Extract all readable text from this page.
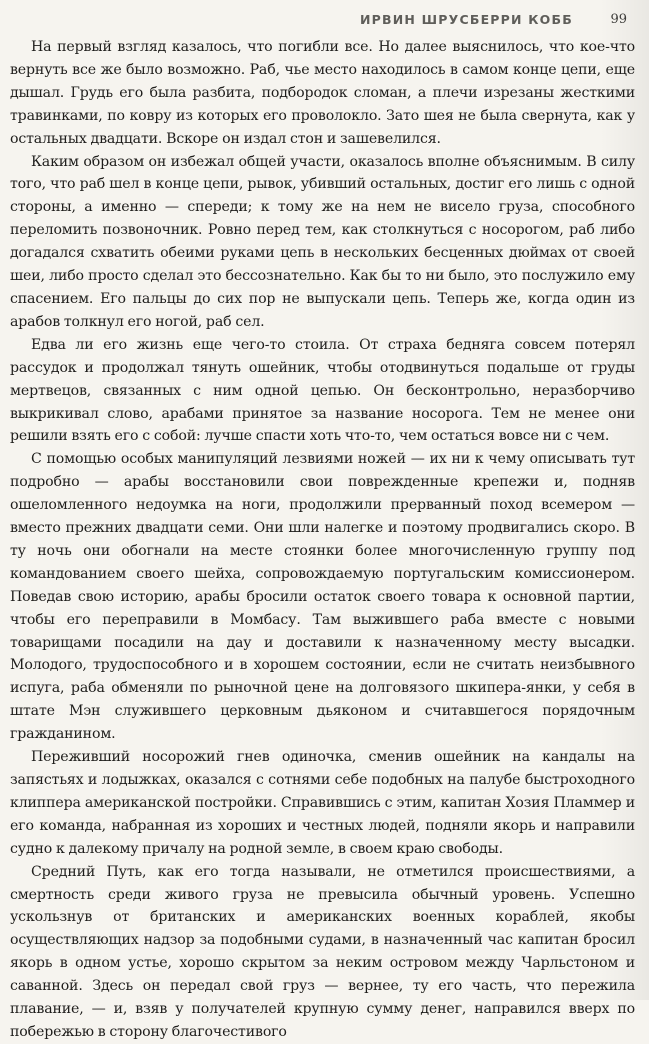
ИРВИН ШРУСБЕРРИ КОББ	99

На первый взгляд казалось, что погибли все. Но далее выяснилось, что кое-что вернуть все же было возможно. Раб, чье место находилось в самом конце цепи, еще дышал. Грудь его была разбита, подбородок сломан, а плечи изрезаны жесткими травинками, по ковру из которых его проволокло. Зато шея не была свернута, как у остальных двадцати. Вскоре он издал стон и зашевелился.

Каким образом он избежал общей участи, оказалось вполне объяснимым. В силу того, что раб шел в конце цепи, рывок, убивший остальных, достиг его лишь с одной стороны, а именно — спереди; к тому же на нем не висело груза, способного переломить позвоночник. Ровно перед тем, как столкнуться с носорогом, раб либо догадался схватить обеими руками цепь в нескольких бесценных дюймах от своей шеи, либо просто сделал это бессознательно. Как бы то ни было, это послужило ему спасением. Его пальцы до сих пор не выпускали цепь. Теперь же, когда один из арабов толкнул его ногой, раб сел.

Едва ли его жизнь еще чего-то стоила. От страха бедняга совсем потерял рассудок и продолжал тянуть ошейник, чтобы отодвинуться подальше от груды мертвецов, связанных с ним одной цепью. Он бесконтрольно, неразборчиво выкрикивал слово, арабами принятое за название носорога. Тем не менее они решили взять его с собой: лучше спасти хоть что-то, чем остаться вовсе ни с чем.

С помощью особых манипуляций лезвиями ножей — их ни к чему описывать тут подробно — арабы восстановили свои поврежденные крепежи и, подняв ошеломленного недоумка на ноги, продолжили прерванный поход всемером — вместо прежних двадцати семи. Они шли налегке и поэтому продвигались скоро. В ту ночь они обогнали на месте стоянки более многочисленную группу под командованием своего шейха, сопровождаемую португальским комиссионером. Поведав свою историю, арабы бросили остаток своего товара к основной партии, чтобы его переправили в Момбасу. Там выжившего раба вместе с новыми товарищами посадили на дау и доставили к назначенному месту высадки. Молодого, трудоспособного и в хорошем состоянии, если не считать неизбывного испуга, раба обменяли по рыночной цене на долговязого шкипера-янки, у себя в штате Мэн служившего церковным дьяконом и считавшегося порядочным гражданином.

Переживший носорожий гнев одиночка, сменив ошейник на кандалы на запястьях и лодыжках, оказался с сотнями себе подобных на палубе быстроходного клиппера американской постройки. Справившись с этим, капитан Хозия Пламмер и его команда, набранная из хороших и честных людей, подняли якорь и направили судно к далекому причалу на родной земле, в своем краю свободы.

Средний Путь, как его тогда называли, не отметился происшествиями, а смертность среди живого груза не превысила обычный уровень. Успешно ускользнув от британских и американских военных кораблей, якобы осуществляющих надзор за подобными судами, в назначенный час капитан бросил якорь в одном устье, хорошо скрытом за неким островом между Чарльстоном и саванной. Здесь он передал свой груз — вернее, ту его часть, что пережила плавание, — и, взяв у получателей крупную сумму денег, направился вверх по побережью в сторону благочестивого
